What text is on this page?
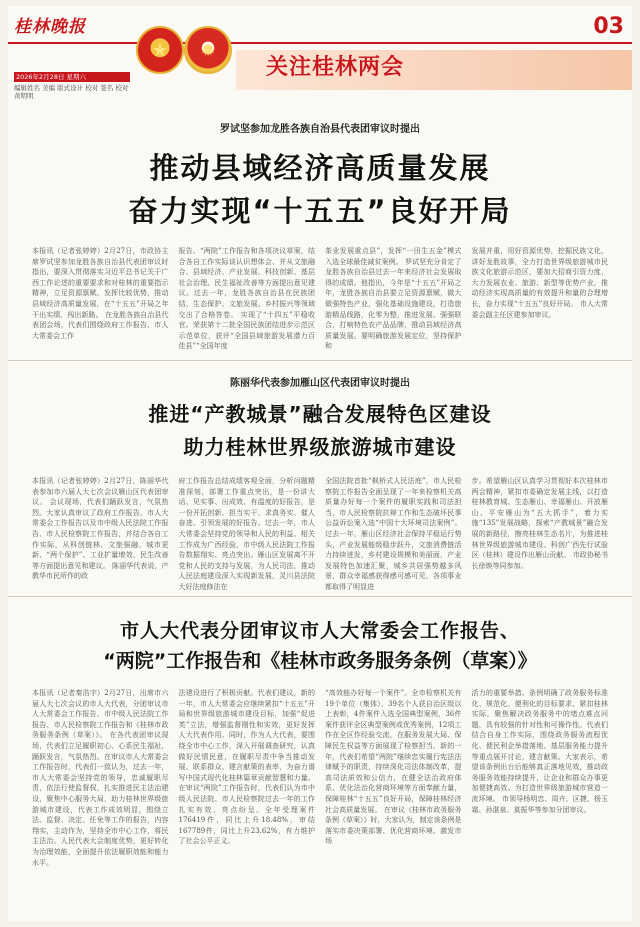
桂林晚报	03
★ ✹
关注桂林两会
2026年2月28日 星期六
编辑姓名 美编 版式设计 校对 签名 校对 黄明明
罗试坚参加龙胜各族自治县代表团审议时提出
推动县域经济高质量发展
奋力实现“十五五”良好开局
本报讯（记者张婷婷）2月27日，市政协主席罗试坚参加龙胜各族自治县代表团审议时指出，要深入贯彻落实习近平总书记关于广西工作论述的重要要求和对桂林的重要指示精神，立足资源禀赋，发挥比较优势，推动县域经济高质量发展，在“十五五”开局之年干出实绩、闯出新路。 在龙胜各族自治县代表团会场，代表们围绕政府工作报告、市人大常委会工作
报告、“两院”工作报告和各项决议草案，结合各自工作实际谈认识想体会、并从文旅融合、县域经济、产业发展、科技创新、基层社会治理、民生福祉改善等方面提出意见建议。过去一年，龙胜各族自治县在民族团结、生态保护、文旅发展、乡村振兴等领域交出了合格答卷。 实现了“十四五”平稳收官。荣获第十二批全国民族团结进步示范区示范单位，获评“全国县域旅游发展潜力百佳县”“全国年度
茶业发展重点县”，发挥“一田生五金”模式入选全球最佳减贫案例。 罗试坚充分肯定了龙胜各族自治县过去一年来经济社会发展取得的成绩。他指出，今年是“十五五”开局之年，龙胜各族自治县要立足资源禀赋，做大做强特色产业，强化基础设施建设，打造旅游精品线路，化零为整，推进发展、强强联合，打响特色农产品品牌，推动县域经济高质量发展。要明确旅游发展定位，坚持保护和
发展并重，用好资源优势，挖掘民族文化，讲好龙胜故事，全力打造世界级旅游城市民族文化旅游示范区，要加大招商引资力度，大力发展农业、旅游、新型等优势产业，推动经济实现高质量的有效提升和量的合理增长，奋力实现“十五五”良好开局。 市人大常委会副主任区建参加审议。
陈丽华代表参加雁山区代表团审议时提出
推进“产教城景”融合发展特色区建设
助力桂林世界级旅游城市建设
本报讯（记者张婷婷）2月27日，陈丽华代表参加市六届人大七次会议雁山区代表团审议。 会议现场，代表们踊跃发言，气氛热烈。大家认真审议了政府工作报告、市人大常委会工作报告以及市中级人民法院工作报告、市人民检察院工作报告，并结合各自工作实际，从科创链林、文旅强融、城市更新、“两个保护”、工业扩量增效、民生改善等方面提出意见和建议。 陈丽华代表说，产教华市民所作的政
府工作报告总结成绩客观全面，分析问题精准深刻，部署工作重点突出，是一份讲大话、见实事、出成效、有温度的好报告，是一份开拓创新、担当实干、求真务实、催人奋进、引领发展的好报告。过去一年，市人大常委会坚持党的领导和人民的利益、相关工作成为广西经验，市中级人民法院工作报告数据翔实、亮点突出。雁山区发展离不开党和人民的支持与发展，为人民司法，推动人民法庭建设深入实现新发展，灵川县法院大好法庭修法在
全国法院首批“枫桥式人民法庭”，市人民检察院工作报告全面呈现了一年来检察机关高质量办好每一个案件的履职实践和司法担当，市人民检察院抗辩工作和生态破坏民事公益诉讼案入选“中国十大环境司法案例”。过去一年，雁山区经济社会保持平稳运行势头，产业发展能级稳步跃升，文旅消费链活力持续迸发，乡村建设规模和美丽面，产业发展特色加速汇聚，城乡共居强势越多风景，群众幸福感获得感可感可见，各项事业都取得了明显进
步。希望雁山区认真学习贯彻好本次桂林市两会精神，紧扣市委确定发展主线，以打造桂林教育城、生态雁山、幸福雁山、开放雁山、平安雁山为“五大抓手”，着力实施“135”发展战略，探索“产教城景”融合发展的新路径，擦亮桂林生态名片，为推进桂林世界级旅游城市建设、科创广西先行试验区（桂林）建设作出雁山贡献。 市政协秘书长徐焕等同参加。
市人大代表分团审议市人大常委会工作报告、
“两院”工作报告和《桂林市政务服务条例（草案）》
本报讯（记者秦浩宇）2月27日，出席市六届人大七次会议的市人大代表，分团审议市人大常委会工作报告、市中级人民法院工作报告、市人民检察院工作报告和《桂林市政务服务条例（草案）》。 在各代表团审议现场，代表们立足履职初心、心系民生福祉，踊跃发言，气氛热烈。在审议市人大常委会工作报告时，代表们一致认为，过去一年，市人大常委会坚持党的领导，忠诚履职尽责，依法行使监督权，扎实推进民主法治建设，聚焦中心服务大局，助力桂林世界级旅游城市建设，代表工作成效明显，围绕立法、监督、决定、任免等工作的报告，内容翔实，主动作为，坚持全市中心工作，将民主法治、人民代表大会制度优势，更好转化为治理效能，全面提升依法履职效能和能力水平。
法建设进行了积极贡献。代表们建议，新的一年，市人大常委会应继续紧扣“十五五”开局和世界级旅游城市建设目标，加强“促进类”立法，增强监督刚性和实效，更好发挥人大代表作用。同时，作为人大代表，要围绕全市中心工作，深入开展调查研究，认真做好民情民意，在履职尽责中争当推动发展、联系群众、建言献策的表率，为奋力谱写中国式现代化桂林篇章贡献智慧和力量。 在审议“两院”工作报告时，代表们认为市中级人民法院、市人民检察院过去一年的工作扎实有效、亮点纷呈。全年受理案件176419件，同比上升18.48%，审结167789件，同比上升23.62%，有力维护了社会公平正义。
“高效能办好每一个案件”。全市检察机关有19个单位（集体）、39名个人获自治区级以上表彰，4件案件入选全国典型案例，36件案件获评全区典型案例或优秀案例，12项工作在全区作经验交流，在服务发展大局、保障民生权益等方面展现了检察担当。新的一年，代表们希望“两院”继续忠实履行宪法法律赋予的职责，持续深化司法体制改革，提高司法质效和公信力，在健全法治政府体系、优化法治化营商环境等方面奉献力量，保障桂林“十五五”良好开局，保障桂林经济社会高质量发展。 在审议《桂林市政务服务条例（草案）》时，大家认为，制定该条例是落实市委决策部署、优化营商环境、激发市场
活力的重要举措。条例明确了政务服务标准化、规范化、便利化的目标要求，紧扣桂林实际，聚焦解决政务服务中的堵点难点问题，具有较强的针对性和可操作性。代表们结合自身工作实际，围绕政务服务流程优化、便民利企举措落地、基层服务能力提升等重点展开讨论，建言献策。大家表示，希望该条例出台后能够真正落地见效，推动政务服务效能持续提升，让企业和群众办事更加便捷高效。为打造世界级旅游城市营造一流环境。 市领导杨明忠、周卉、区捷、杨玉霜、孙湛泉、莫振华等参加分团审议。
